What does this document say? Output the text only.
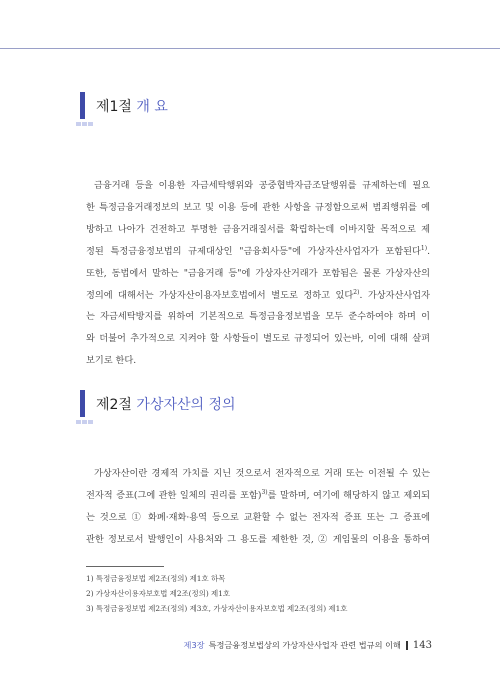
제1절 개 요
금융거래 등을 이용한 자금세탁행위와 공중협박자금조달행위를 규제하는데 필요
한 특정금융거래정보의 보고 및 이용 등에 관한 사항을 규정함으로써 범죄행위를 예
방하고 나아가 건전하고 투명한 금융거래질서를 확립하는데 이바지할 목적으로 제
정된 특정금융정보법의 규제대상인 "금융회사등"에 가상자산사업자가 포함된다$^{1)}$.
또한, 동법에서 말하는 "금융거래 등"에 가상자산거래가 포함됨은 물론 가상자산의
정의에 대해서는 가상자산이용자보호법에서 별도로 정하고 있다$^{2)}$. 가상자산사업자
는 자금세탁방지를 위하여 기본적으로 특정금융정보법을 모두 준수하여야 하며 이
와 더불어 추가적으로 지켜야 할 사항들이 별도로 규정되어 있는바, 이에 대해 살펴
보기로 한다.
제2절 가상자산의 정의
가상자산이란 경제적 가치를 지닌 것으로서 전자적으로 거래 또는 이전될 수 있는
전자적 증표(그에 관한 일체의 권리를 포함)$^{3)}$를 말하며, 여기에 해당하지 않고 제외되
는 것으로 ① 화폐·재화·용역 등으로 교환할 수 없는 전자적 증표 또는 그 증표에
관한 정보로서 발행인이 사용처와 그 용도를 제한한 것, ② 게임물의 이용을 통하여
1) 특정금융정보법 제2조(정의) 제1호 하목
2) 가상자산이용자보호법 제2조(정의) 제1호
3) 특정금융정보법 제2조(정의) 제3호, 가상자산이용자보호법 제2조(정의) 제1호
제3장 특정금융정보법상의 가상자산사업자 관련 법규의 이해 143
